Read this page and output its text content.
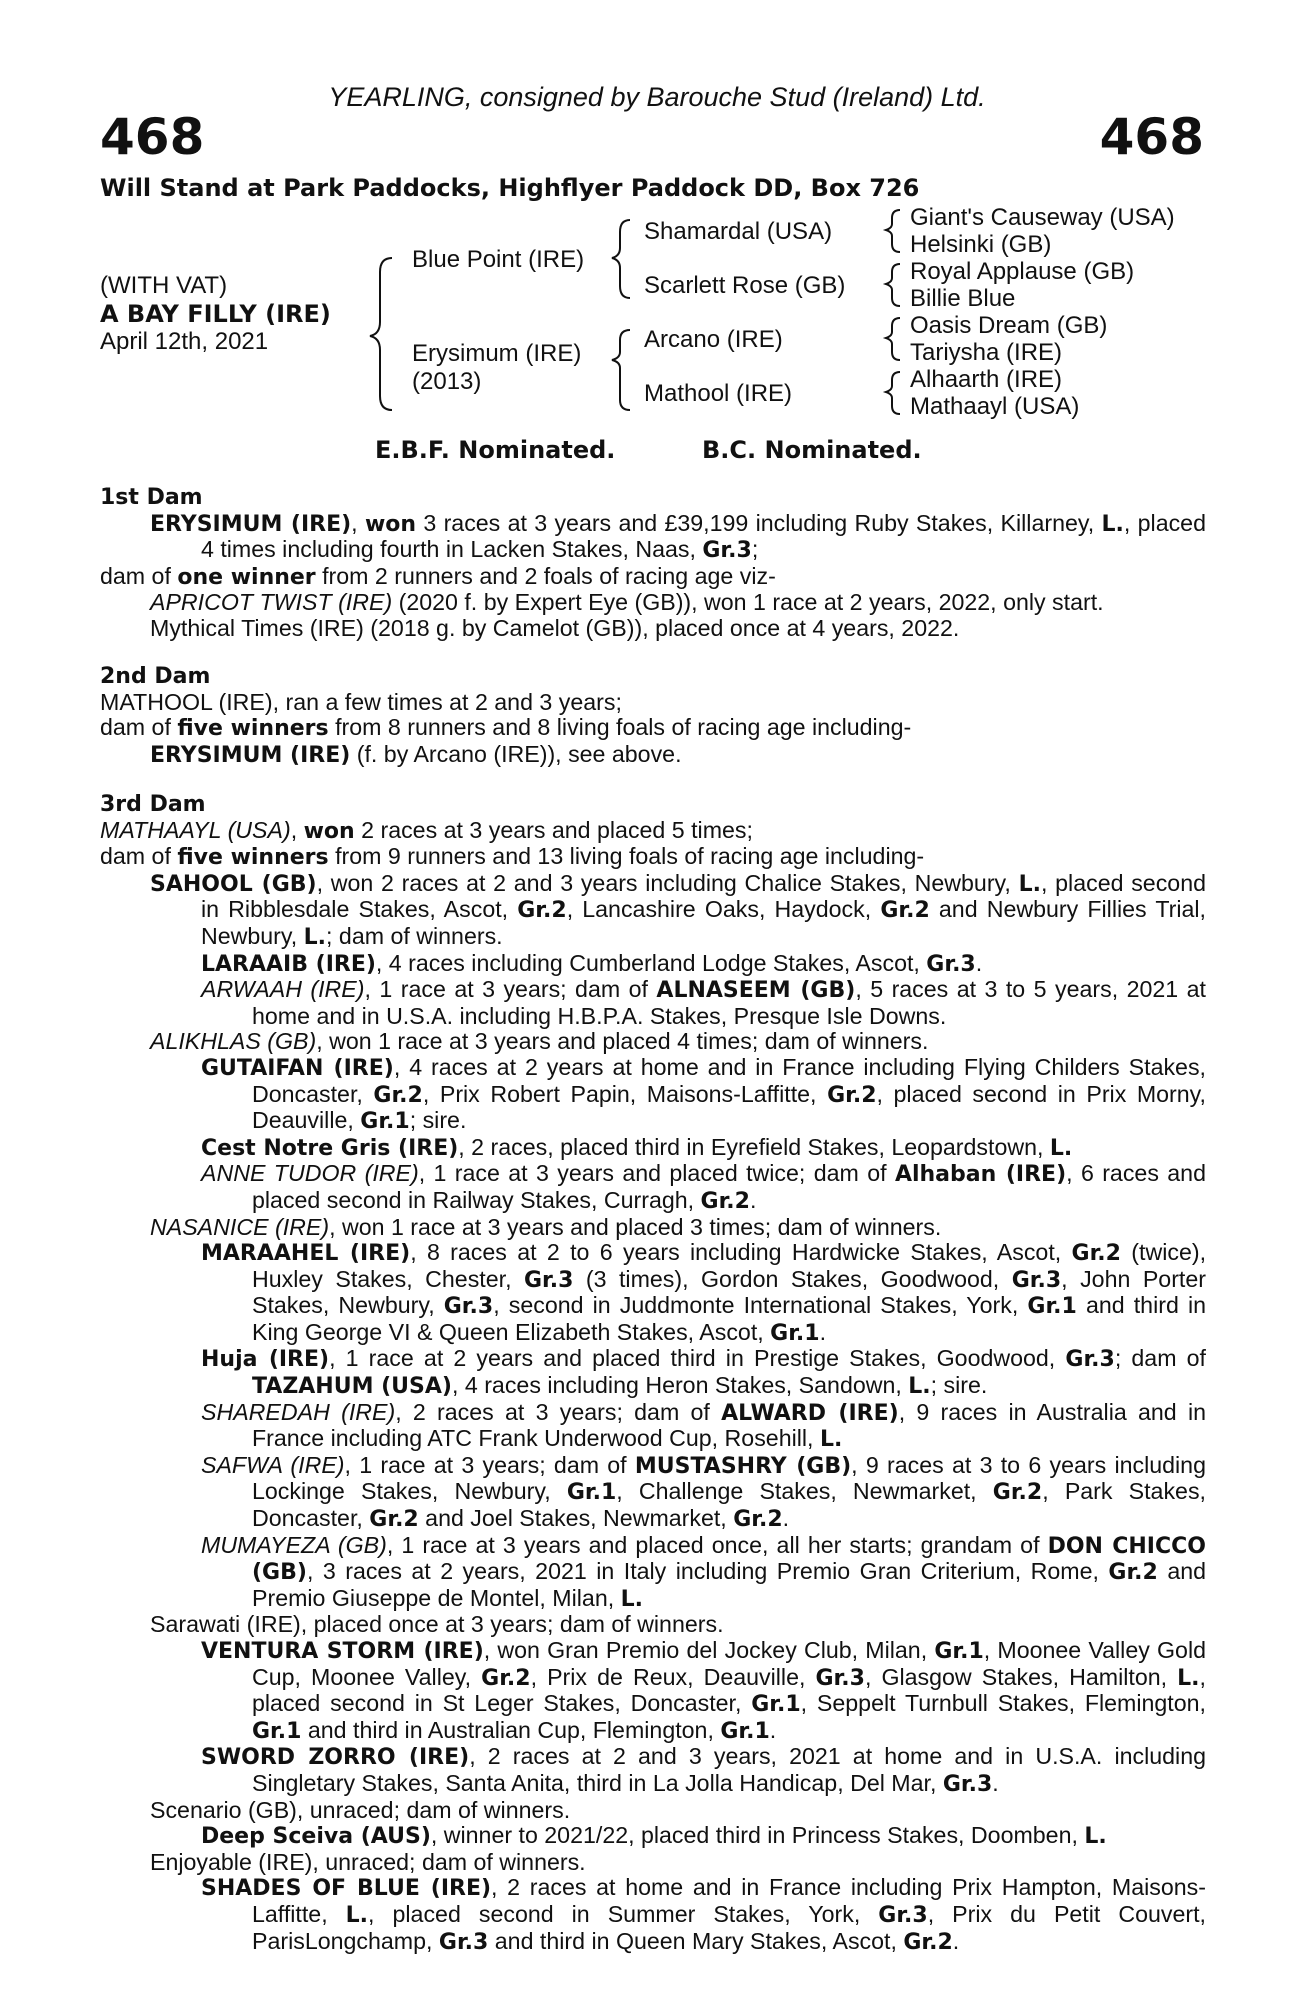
YEARLING, consigned by Barouche Stud (Ireland) Ltd.
468	468
Will Stand at Park Paddocks, Highflyer Paddock DD, Box 726
(WITH VAT)
A BAY FILLY (IRE)
April 12th, 2021
Blue Point (IRE)
Erysimum (IRE)
(2013)
Shamardal (USA)
Scarlett Rose (GB)
Arcano (IRE)
Mathool (IRE)
Giant's Causeway (USA)
Helsinki (GB)
Royal Applause (GB)
Billie Blue
Oasis Dream (GB)
Tariysha (IRE)
Alhaarth (IRE)
Mathaayl (USA)
E.B.F. Nominated.	B.C. Nominated.

1st Dam

ERYSIMUM (IRE), won 3 races at 3 years and £39,199 including Ruby Stakes, Killarney, L., placed 4 times including fourth in Lacken Stakes, Naas, Gr.3;

dam of one winner from 2 runners and 2 foals of racing age viz-

APRICOT TWIST (IRE) (2020 f. by Expert Eye (GB)), won 1 race at 2 years, 2022, only start.

Mythical Times (IRE) (2018 g. by Camelot (GB)), placed once at 4 years, 2022.

2nd Dam

MATHOOL (IRE), ran a few times at 2 and 3 years;

dam of five winners from 8 runners and 8 living foals of racing age including-

ERYSIMUM (IRE) (f. by Arcano (IRE)), see above.

3rd Dam

MATHAAYL (USA), won 2 races at 3 years and placed 5 times;

dam of five winners from 9 runners and 13 living foals of racing age including-

SAHOOL (GB), won 2 races at 2 and 3 years including Chalice Stakes, Newbury, L., placed second in Ribblesdale Stakes, Ascot, Gr.2, Lancashire Oaks, Haydock, Gr.2 and Newbury Fillies Trial, Newbury, L.; dam of winners.

LARAAIB (IRE), 4 races including Cumberland Lodge Stakes, Ascot, Gr.3.

ARWAAH (IRE), 1 race at 3 years; dam of ALNASEEM (GB), 5 races at 3 to 5 years, 2021 at home and in U.S.A. including H.B.P.A. Stakes, Presque Isle Downs.

ALIKHLAS (GB), won 1 race at 3 years and placed 4 times; dam of winners.

GUTAIFAN (IRE), 4 races at 2 years at home and in France including Flying Childers Stakes, Doncaster, Gr.2, Prix Robert Papin, Maisons-Laffitte, Gr.2, placed second in Prix Morny, Deauville, Gr.1; sire.

Cest Notre Gris (IRE), 2 races, placed third in Eyrefield Stakes, Leopardstown, L.

ANNE TUDOR (IRE), 1 race at 3 years and placed twice; dam of Alhaban (IRE), 6 races and placed second in Railway Stakes, Curragh, Gr.2.

NASANICE (IRE), won 1 race at 3 years and placed 3 times; dam of winners.

MARAAHEL (IRE), 8 races at 2 to 6 years including Hardwicke Stakes, Ascot, Gr.2 (twice), Huxley Stakes, Chester, Gr.3 (3 times), Gordon Stakes, Goodwood, Gr.3, John Porter Stakes, Newbury, Gr.3, second in Juddmonte International Stakes, York, Gr.1 and third in King George VI & Queen Elizabeth Stakes, Ascot, Gr.1.

Huja (IRE), 1 race at 2 years and placed third in Prestige Stakes, Goodwood, Gr.3; dam of TAZAHUM (USA), 4 races including Heron Stakes, Sandown, L.; sire.

SHAREDAH (IRE), 2 races at 3 years; dam of ALWARD (IRE), 9 races in Australia and in France including ATC Frank Underwood Cup, Rosehill, L.

SAFWA (IRE), 1 race at 3 years; dam of MUSTASHRY (GB), 9 races at 3 to 6 years including Lockinge Stakes, Newbury, Gr.1, Challenge Stakes, Newmarket, Gr.2, Park Stakes, Doncaster, Gr.2 and Joel Stakes, Newmarket, Gr.2.

MUMAYEZA (GB), 1 race at 3 years and placed once, all her starts; grandam of DON CHICCO (GB), 3 races at 2 years, 2021 in Italy including Premio Gran Criterium, Rome, Gr.2 and Premio Giuseppe de Montel, Milan, L.

Sarawati (IRE), placed once at 3 years; dam of winners.

VENTURA STORM (IRE), won Gran Premio del Jockey Club, Milan, Gr.1, Moonee Valley Gold Cup, Moonee Valley, Gr.2, Prix de Reux, Deauville, Gr.3, Glasgow Stakes, Hamilton, L., placed second in St Leger Stakes, Doncaster, Gr.1, Seppelt Turnbull Stakes, Flemington, Gr.1 and third in Australian Cup, Flemington, Gr.1.

SWORD ZORRO (IRE), 2 races at 2 and 3 years, 2021 at home and in U.S.A. including Singletary Stakes, Santa Anita, third in La Jolla Handicap, Del Mar, Gr.3.

Scenario (GB), unraced; dam of winners.

Deep Sceiva (AUS), winner to 2021/22, placed third in Princess Stakes, Doomben, L.

Enjoyable (IRE), unraced; dam of winners.

SHADES OF BLUE (IRE), 2 races at home and in France including Prix Hampton, Maisons-Laffitte, L., placed second in Summer Stakes, York, Gr.3, Prix du Petit Couvert, ParisLongchamp, Gr.3 and third in Queen Mary Stakes, Ascot, Gr.2.
